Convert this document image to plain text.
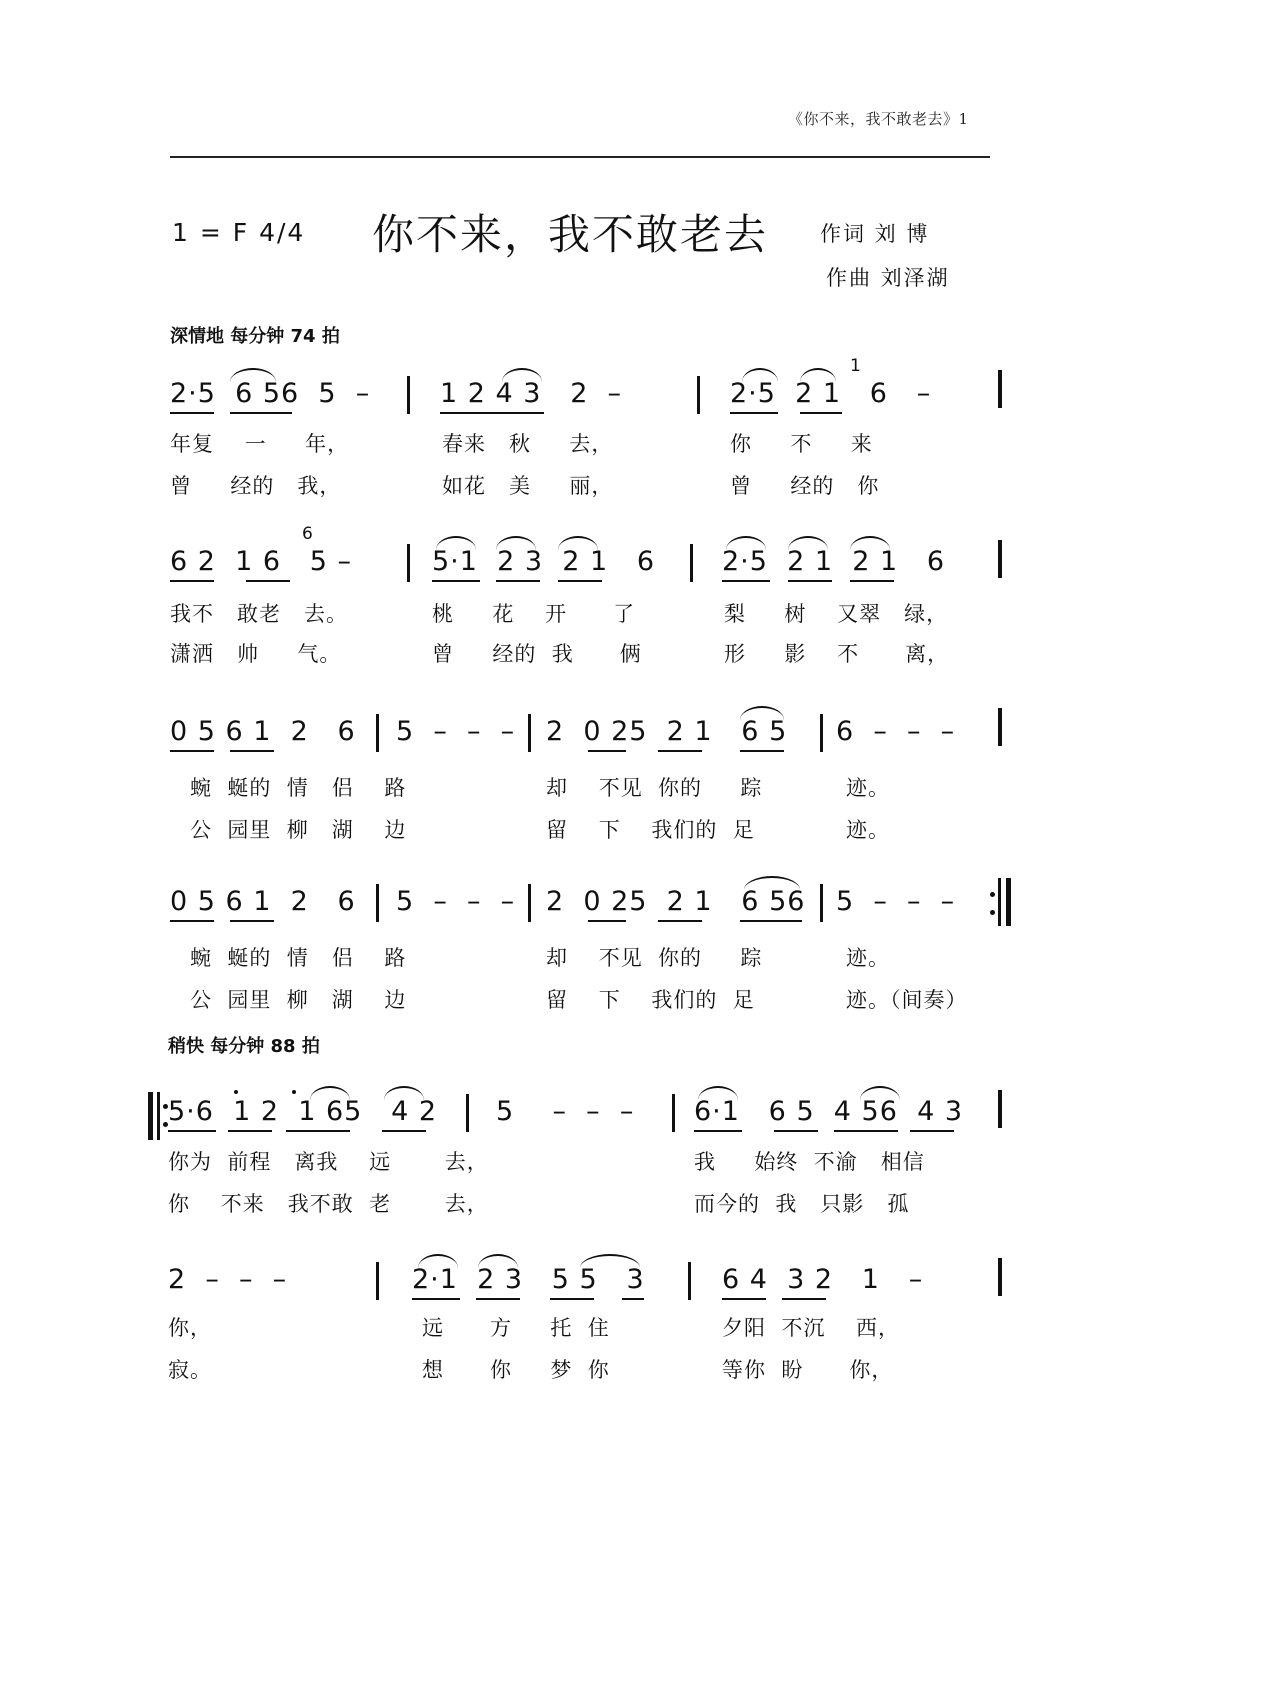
《你不来，我不敢老去》1
1 = F 4/4 你不来，我不敢老去 作词 刘 博
作曲 刘泽湖
深情地 每分钟 74 拍
稍快 每分钟 88 拍
2·5  6 56  5  –	1 2 4 3   2  –	2·5  2 1   6   –
1
年复    一     年，	春来   秋     去，	你     不     来
曾     经的   我，	如花   美     丽，	曾     经的   你
6 2  1 6   5 –	5·1  2 3  2 1   6 2·5  2 1  2 1   6
6
我不   敢老   去。	桃     花    开      了	梨     树    又翠   绿，
潇洒   帅     气。	曾     经的  我      俩	形     影    不      离，
0 5 6 1  2   6 5  –  –  – 2  0 25  2 1   6 5 6  –  –  –
蜿  蜒的  情   侣    路	却    不见  你的     踪	迹。
公  园里  柳   湖    边	留    下    我们的  足	迹。
0 5 6 1  2   6 5  –  –  – 2  0 25  2 1   6 56 5  –  –  –
蜿  蜒的  情   侣    路	却    不见  你的     踪	迹。
公  园里  柳   湖    边	留    下    我们的  足	迹。（间奏）
5·6  1 2  1 65   4 2 5    –  –  – 6·1   6 5  4 56  4 3
你为  前程   离我    远       去，	我     始终  不渝   相信
你    不来   我不敢  老       去，	而今的  我   只影   孤
2  –  –  –	2·1  2 3   5 5   3	6 4  3 2   1   –
你，	远      方     托  住	夕阳  不沉    西，
寂。	想      你     梦  你	等你  盼      你，
